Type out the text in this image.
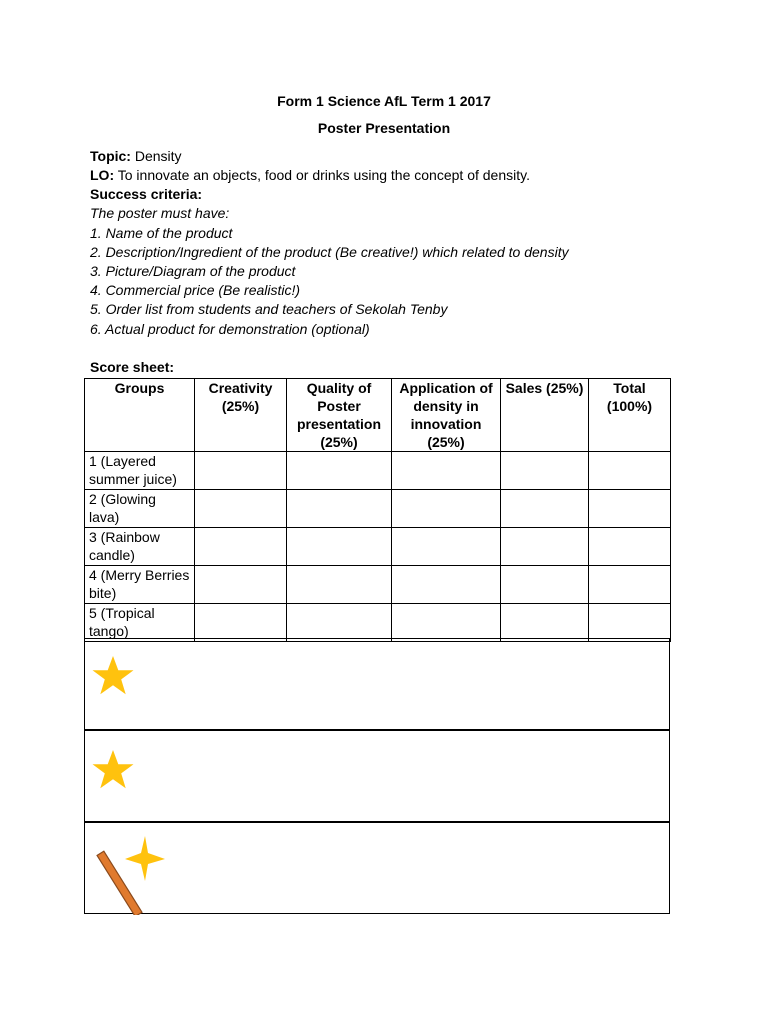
Form 1 Science AfL Term 1 2017
Poster Presentation
Topic: Density
LO: To innovate an objects, food or drinks using the concept of density.
Success criteria:
The poster must have:
1. Name of the product
2. Description/Ingredient of the product (Be creative!) which related to density
3. Picture/Diagram of the product
4. Commercial price (Be realistic!)
5. Order list from students and teachers of Sekolah Tenby
6. Actual product for demonstration (optional)
Score sheet:
Groups	Creativity (25%)	Quality of Poster presentation (25%)	Application of density in innovation (25%)	Sales (25%)	Total (100%)
1 (Layered summer juice)					
2 (Glowing lava)					
3 (Rainbow candle)					
4 (Merry Berries bite)					
5 (Tropical tango)					
